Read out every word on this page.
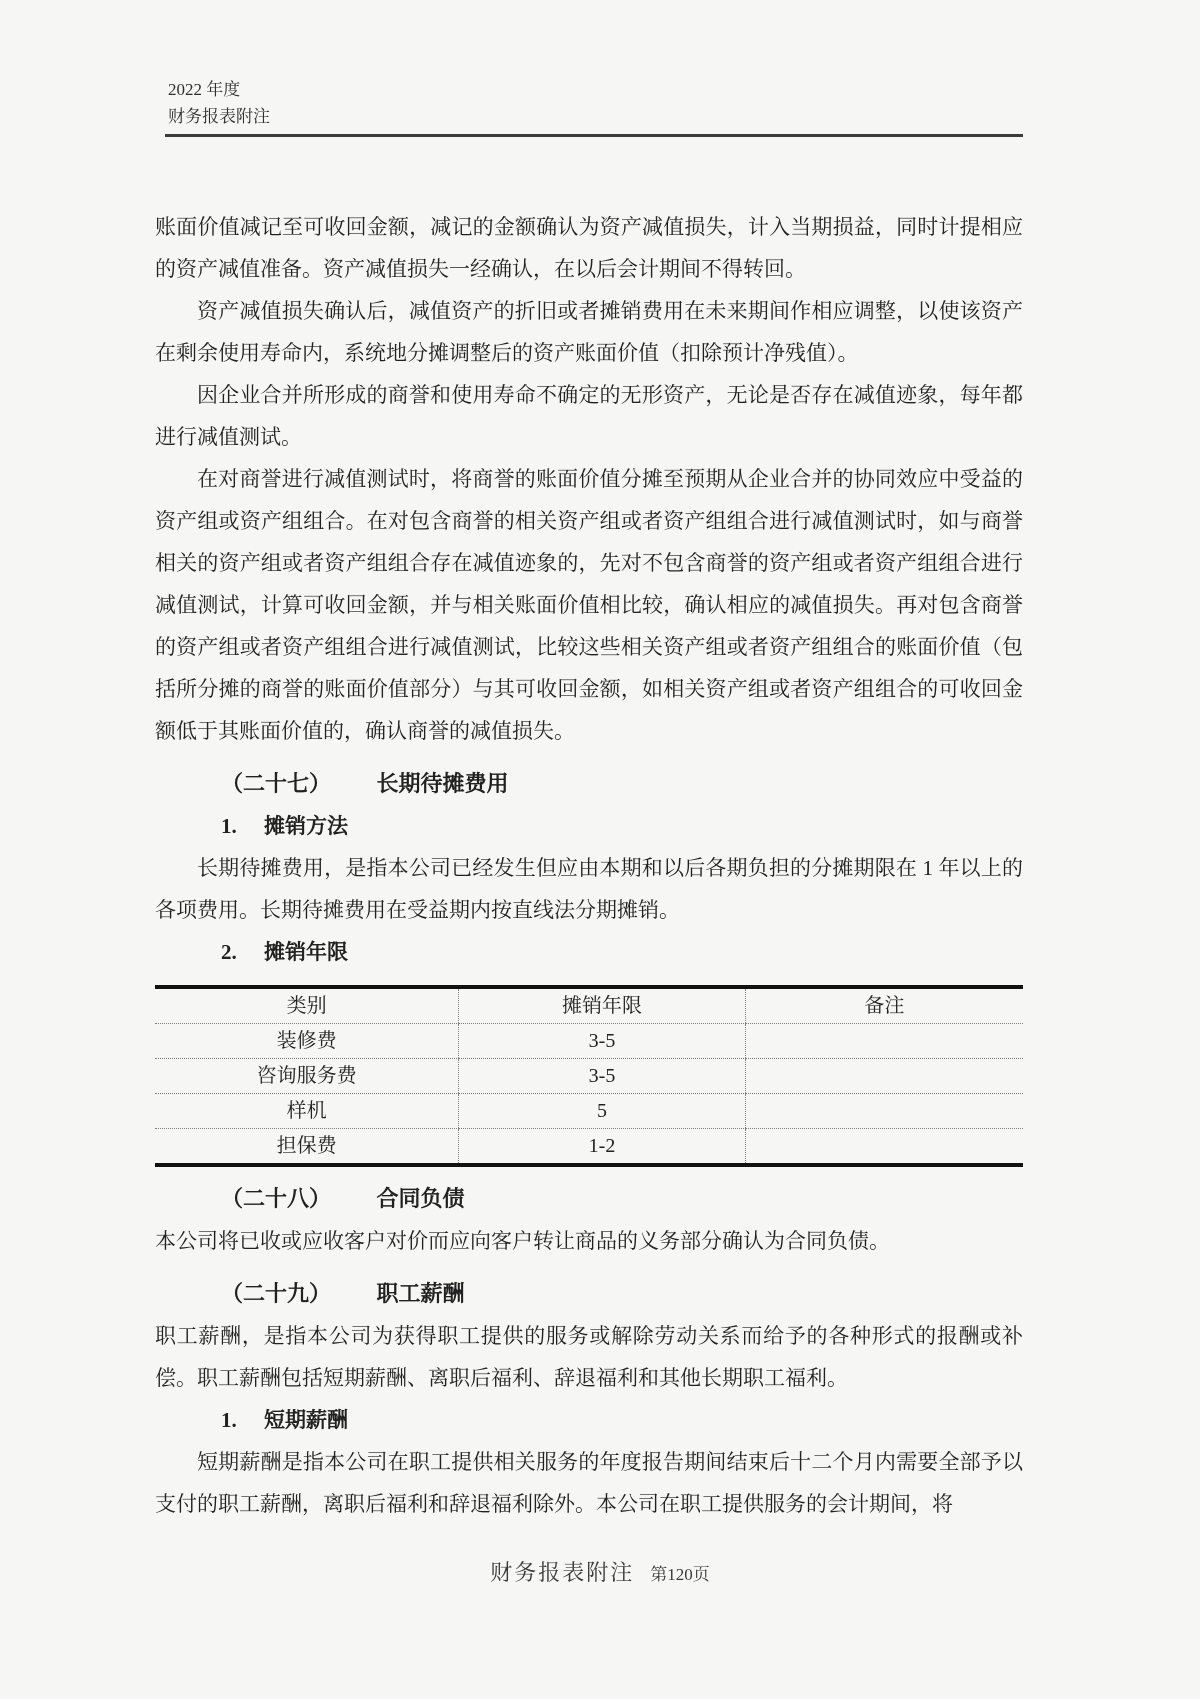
2022 年度
财务报表附注

账面价值减记至可收回金额，减记的金额确认为资产减值损失，计入当期损益，同时计提相应的资产减值准备。资产减值损失一经确认，在以后会计期间不得转回。

资产减值损失确认后，减值资产的折旧或者摊销费用在未来期间作相应调整，以使该资产在剩余使用寿命内，系统地分摊调整后的资产账面价值（扣除预计净残值）。

因企业合并所形成的商誉和使用寿命不确定的无形资产，无论是否存在减值迹象，每年都进行减值测试。

在对商誉进行减值测试时，将商誉的账面价值分摊至预期从企业合并的协同效应中受益的资产组或资产组组合。在对包含商誉的相关资产组或者资产组组合进行减值测试时，如与商誉相关的资产组或者资产组组合存在减值迹象的，先对不包含商誉的资产组或者资产组组合进行减值测试，计算可收回金额，并与相关账面价值相比较，确认相应的减值损失。再对包含商誉的资产组或者资产组组合进行减值测试，比较这些相关资产组或者资产组组合的账面价值（包括所分摊的商誉的账面价值部分）与其可收回金额，如相关资产组或者资产组组合的可收回金额低于其账面价值的，确认商誉的减值损失。

（二十七） 长期待摊费用
1. 摊销方法

长期待摊费用，是指本公司已经发生但应由本期和以后各期负担的分摊期限在 1 年以上的各项费用。长期待摊费用在受益期内按直线法分期摊销。

2. 摊销年限
类别	摊销年限	备注
装修费	3-5	
咨询服务费	3-5	
样机	5	
担保费	1-2	
（二十八） 合同负债

本公司将已收或应收客户对价而应向客户转让商品的义务部分确认为合同负债。

（二十九） 职工薪酬

职工薪酬，是指本公司为获得职工提供的服务或解除劳动关系而给予的各种形式的报酬或补偿。职工薪酬包括短期薪酬、离职后福利、辞退福利和其他长期职工福利。

1. 短期薪酬

短期薪酬是指本公司在职工提供相关服务的年度报告期间结束后十二个月内需要全部予以支付的职工薪酬，离职后福利和辞退福利除外。本公司在职工提供服务的会计期间，将

财务报表附注 第120页
